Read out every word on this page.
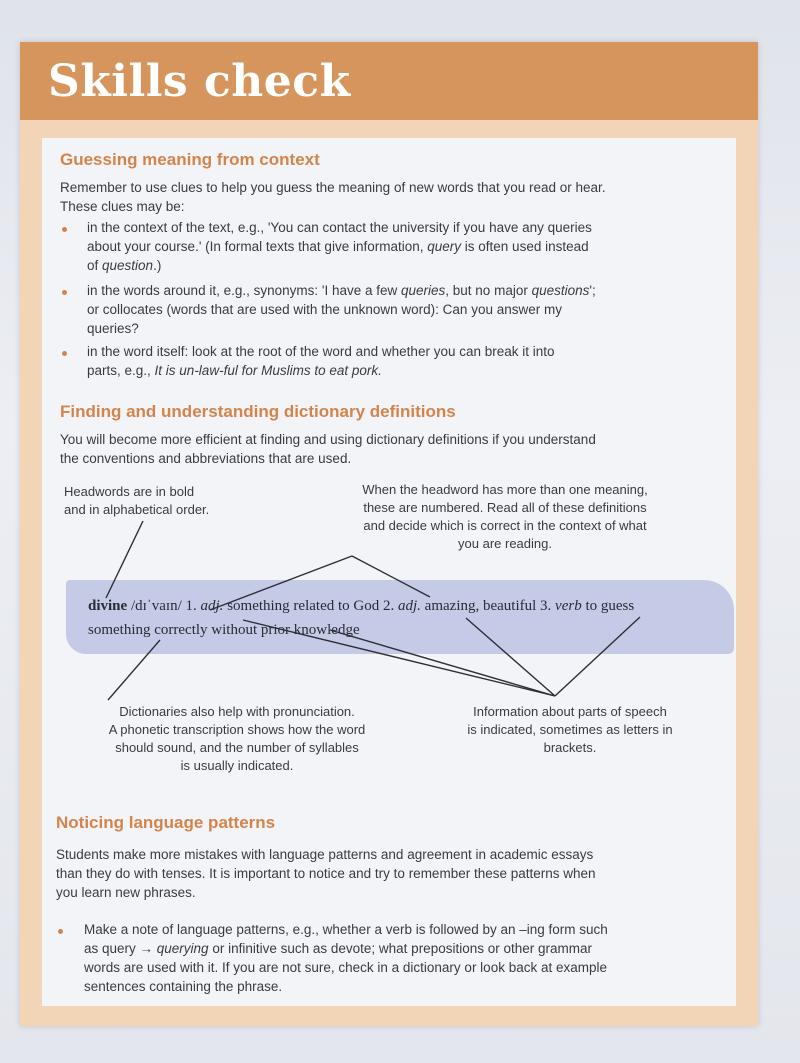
Skills check
Guessing meaning from context
Remember to use clues to help you guess the meaning of new words that you read or hear.
These clues may be:
in the context of the text, e.g., 'You can contact the university if you have any queries
about your course.' (In formal texts that give information, query is often used instead
of question.)
in the words around it, e.g., synonyms: 'I have a few queries, but no major questions';
or collocates (words that are used with the unknown word): Can you answer my
queries?
in the word itself: look at the root of the word and whether you can break it into
parts, e.g., It is un-law-ful for Muslims to eat pork.
Finding and understanding dictionary definitions
You will become more efficient at finding and using dictionary definitions if you understand
the conventions and abbreviations that are used.
Headwords are in bold
and in alphabetical order.
When the headword has more than one meaning,
these are numbered. Read all of these definitions
and decide which is correct in the context of what
you are reading.
divine /dɪˈvaɪn/ 1. adj. something related to God 2. adj. amazing, beautiful 3. verb to guess something correctly without prior knowledge
Dictionaries also help with pronunciation.
A phonetic transcription shows how the word
should sound, and the number of syllables
is usually indicated.
Information about parts of speech
is indicated, sometimes as letters in
brackets.
Noticing language patterns
Students make more mistakes with language patterns and agreement in academic essays
than they do with tenses. It is important to notice and try to remember these patterns when
you learn new phrases.
Make a note of language patterns, e.g., whether a verb is followed by an –ing form such
as query → querying or infinitive such as devote; what prepositions or other grammar
words are used with it. If you are not sure, check in a dictionary or look back at example
sentences containing the phrase.
